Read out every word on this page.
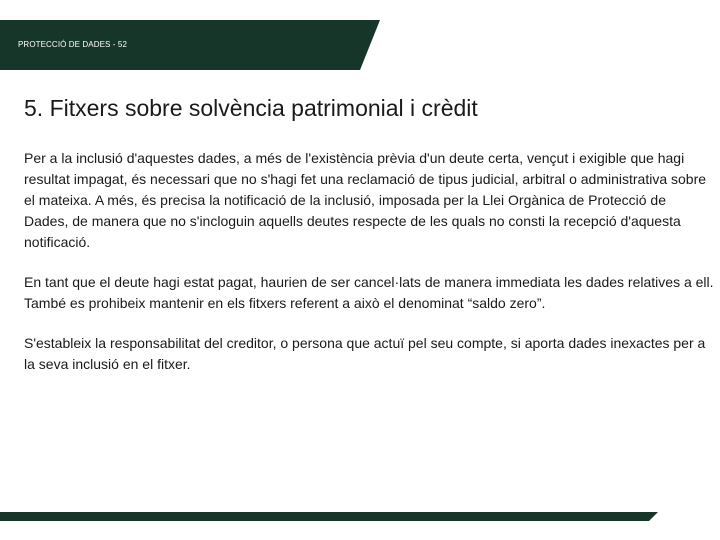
PROTECCIÓ DE DADES - 52
5. Fitxers sobre solvència patrimonial i crèdit

Per a la inclusió d'aquestes dades, a més de l'existència prèvia d'un deute certa, vençut i exigible que hagi resultat impagat, és necessari que no s'hagi fet una reclamació de tipus judicial, arbitral o administrativa sobre el mateixa. A més, és precisa la notificació de la inclusió, imposada per la Llei Orgànica de Protecció de Dades, de manera que no s'incloguin aquells deutes respecte de les quals no consti la recepció d'aquesta notificació.

En tant que el deute hagi estat pagat, haurien de ser cancel·lats de manera immediata les dades relatives a ell. També es prohibeix mantenir en els fitxers referent a això el denominat “saldo zero”.

S'estableix la responsabilitat del creditor, o persona que actuï pel seu compte, si aporta dades inexactes per a la seva inclusió en el fitxer.
